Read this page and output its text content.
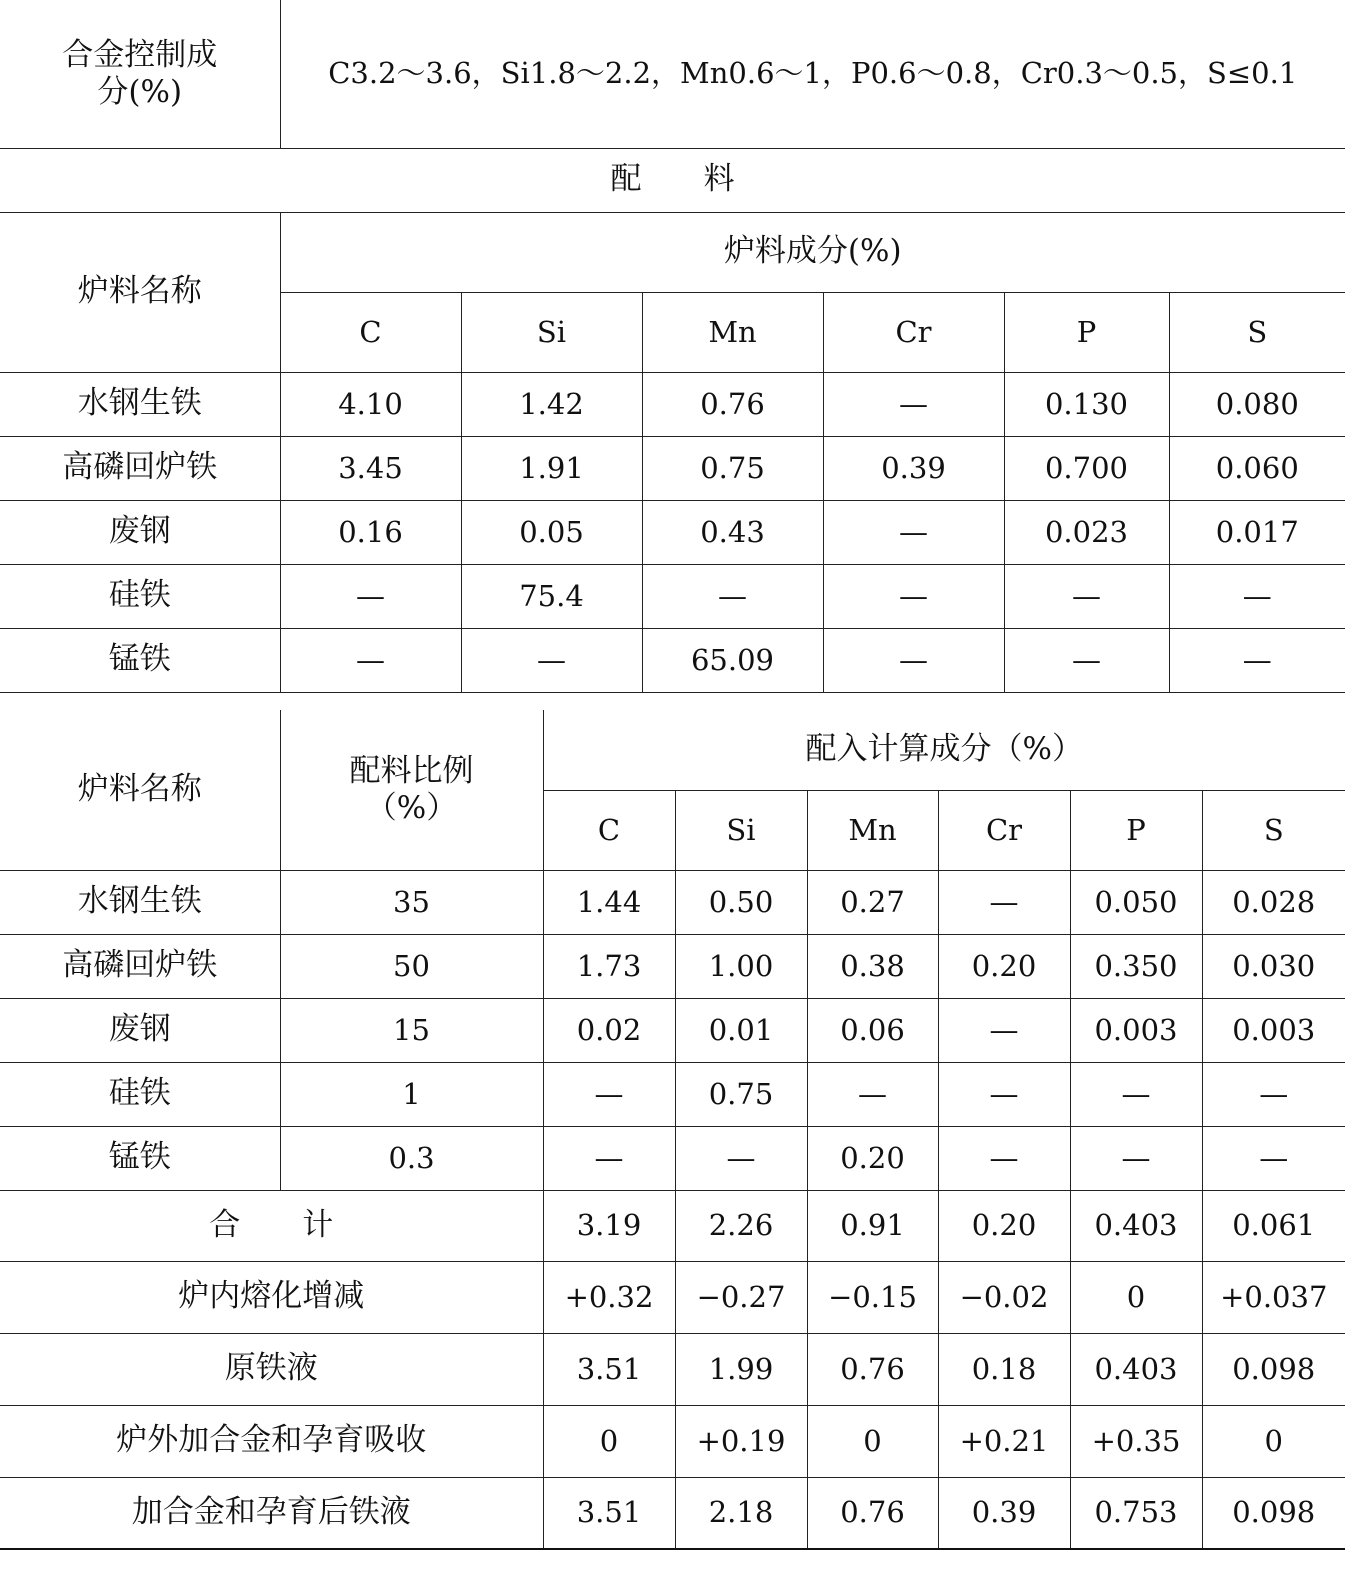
合金控制成分(%)	C3.2～3.6，Si1.8～2.2，Mn0.6～1，P0.6～0.8，Cr0.3～0.5，S≤0.1					
配　　料						
炉料名称	炉料成分(%)					
	C	Si	Mn	Cr	P	S
水钢生铁	4.10	1.42	0.76	—	0.130	0.080
高磷回炉铁	3.45	1.91	0.75	0.39	0.700	0.060
废钢	0.16	0.05	0.43	—	0.023	0.017
硅铁	—	75.4	—	—	—	—
锰铁	—	—	65.09	—	—	—
炉料名称	配料比例（%）	配入计算成分（%）					
		C	Si	Mn	Cr	P	S
水钢生铁	35	1.44	0.50	0.27	—	0.050	0.028
高磷回炉铁	50	1.73	1.00	0.38	0.20	0.350	0.030
废钢	15	0.02	0.01	0.06	—	0.003	0.003
硅铁	1	—	0.75	—	—	—	—
锰铁	0.3	—	—	0.20	—	—	—
合　　计		3.19	2.26	0.91	0.20	0.403	0.061
炉内熔化增减		+0.32	−0.27	−0.15	−0.02	0	+0.037
原铁液		3.51	1.99	0.76	0.18	0.403	0.098
炉外加合金和孕育吸收		0	+0.19	0	+0.21	+0.35	0
加合金和孕育后铁液		3.51	2.18	0.76	0.39	0.753	0.098
